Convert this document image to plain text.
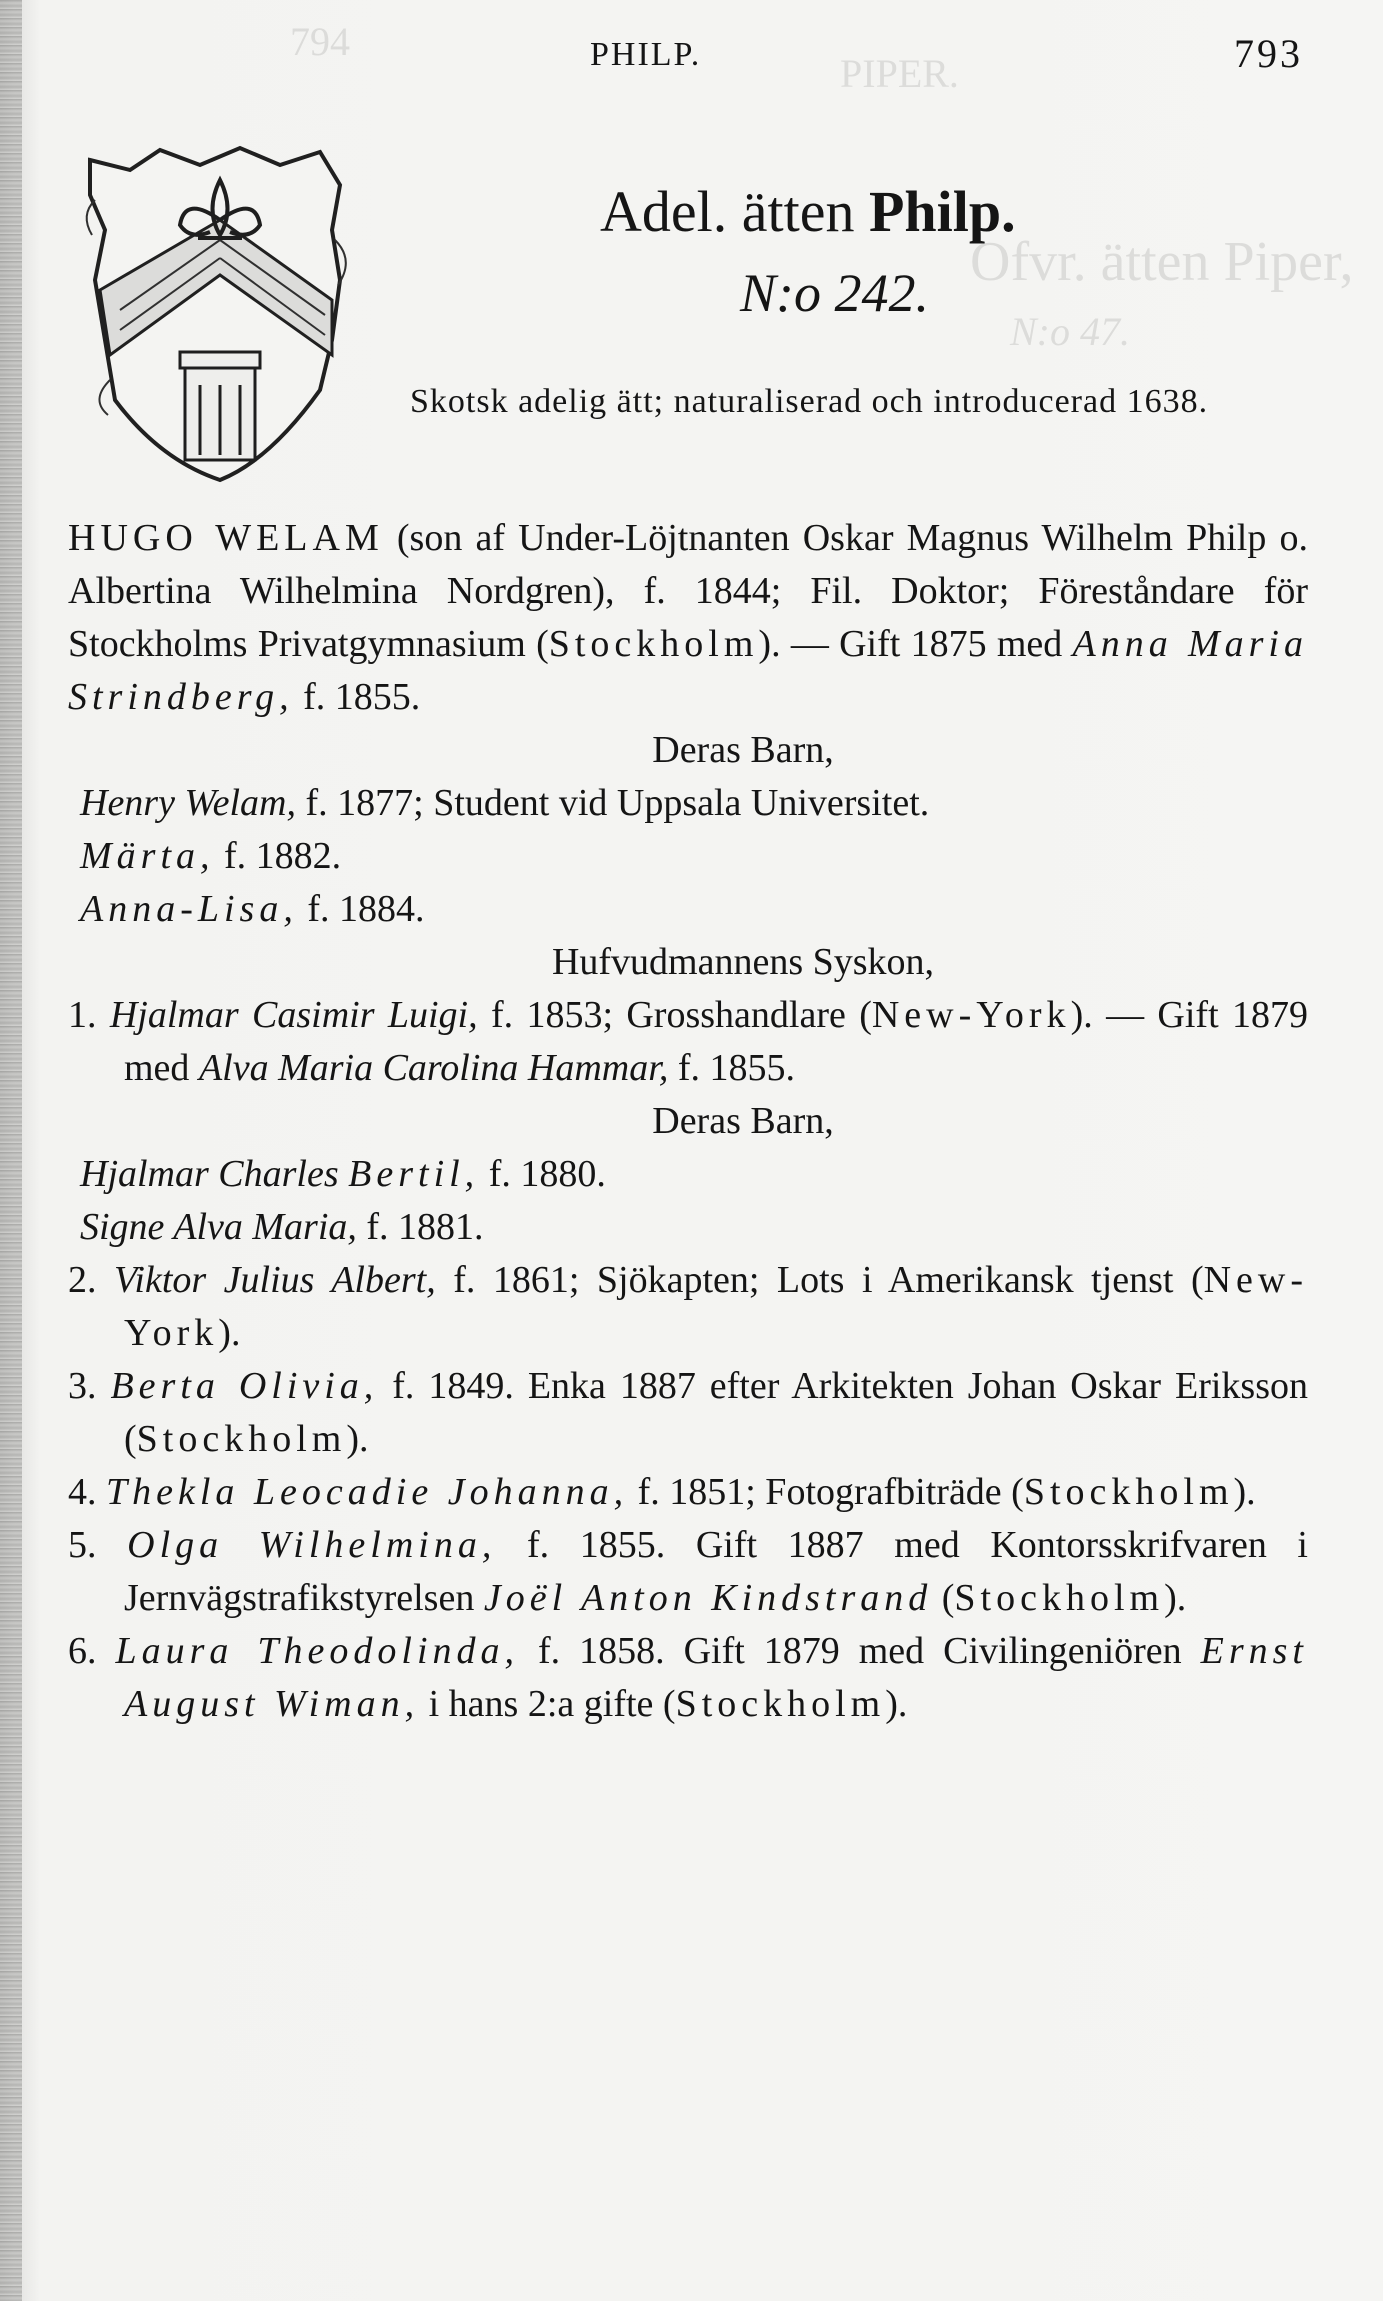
794
PIPER.
Ofvr. ätten Piper,
N:o 47.
PHILP.	793
Adel. ätten Philp.
N:o 242.
Skotsk adelig ätt; naturaliserad och introducerad 1638.

HUGO WELAM (son af Under-Löjtnanten Oskar Magnus Wilhelm Philp o. Albertina Wilhelmina Nordgren), f. 1844; Fil. Doktor; Föreståndare för Stockholms Privatgymnasium (Stockholm). — Gift 1875 med Anna Maria Strindberg, f. 1855.

Deras Barn,

Henry Welam, f. 1877; Student vid Uppsala Universitet.

Märta, f. 1882.

Anna-Lisa, f. 1884.

Hufvudmannens Syskon,

1. Hjalmar Casimir Luigi, f. 1853; Grosshandlare (New-York). — Gift 1879 med Alva Maria Carolina Hammar, f. 1855.

Deras Barn,

Hjalmar Charles Bertil, f. 1880.

Signe Alva Maria, f. 1881.

2. Viktor Julius Albert, f. 1861; Sjökapten; Lots i Amerikansk tjenst (New-York).

3. Berta Olivia, f. 1849. Enka 1887 efter Arkitekten Johan Oskar Eriksson (Stockholm).

4. Thekla Leocadie Johanna, f. 1851; Fotografbiträde (Stockholm).

5. Olga Wilhelmina, f. 1855. Gift 1887 med Kontorsskrifvaren i Jernvägstrafikstyrelsen Joël Anton Kindstrand (Stockholm).

6. Laura Theodolinda, f. 1858. Gift 1879 med Civilingeniören Ernst August Wiman, i hans 2:a gifte (Stockholm).
